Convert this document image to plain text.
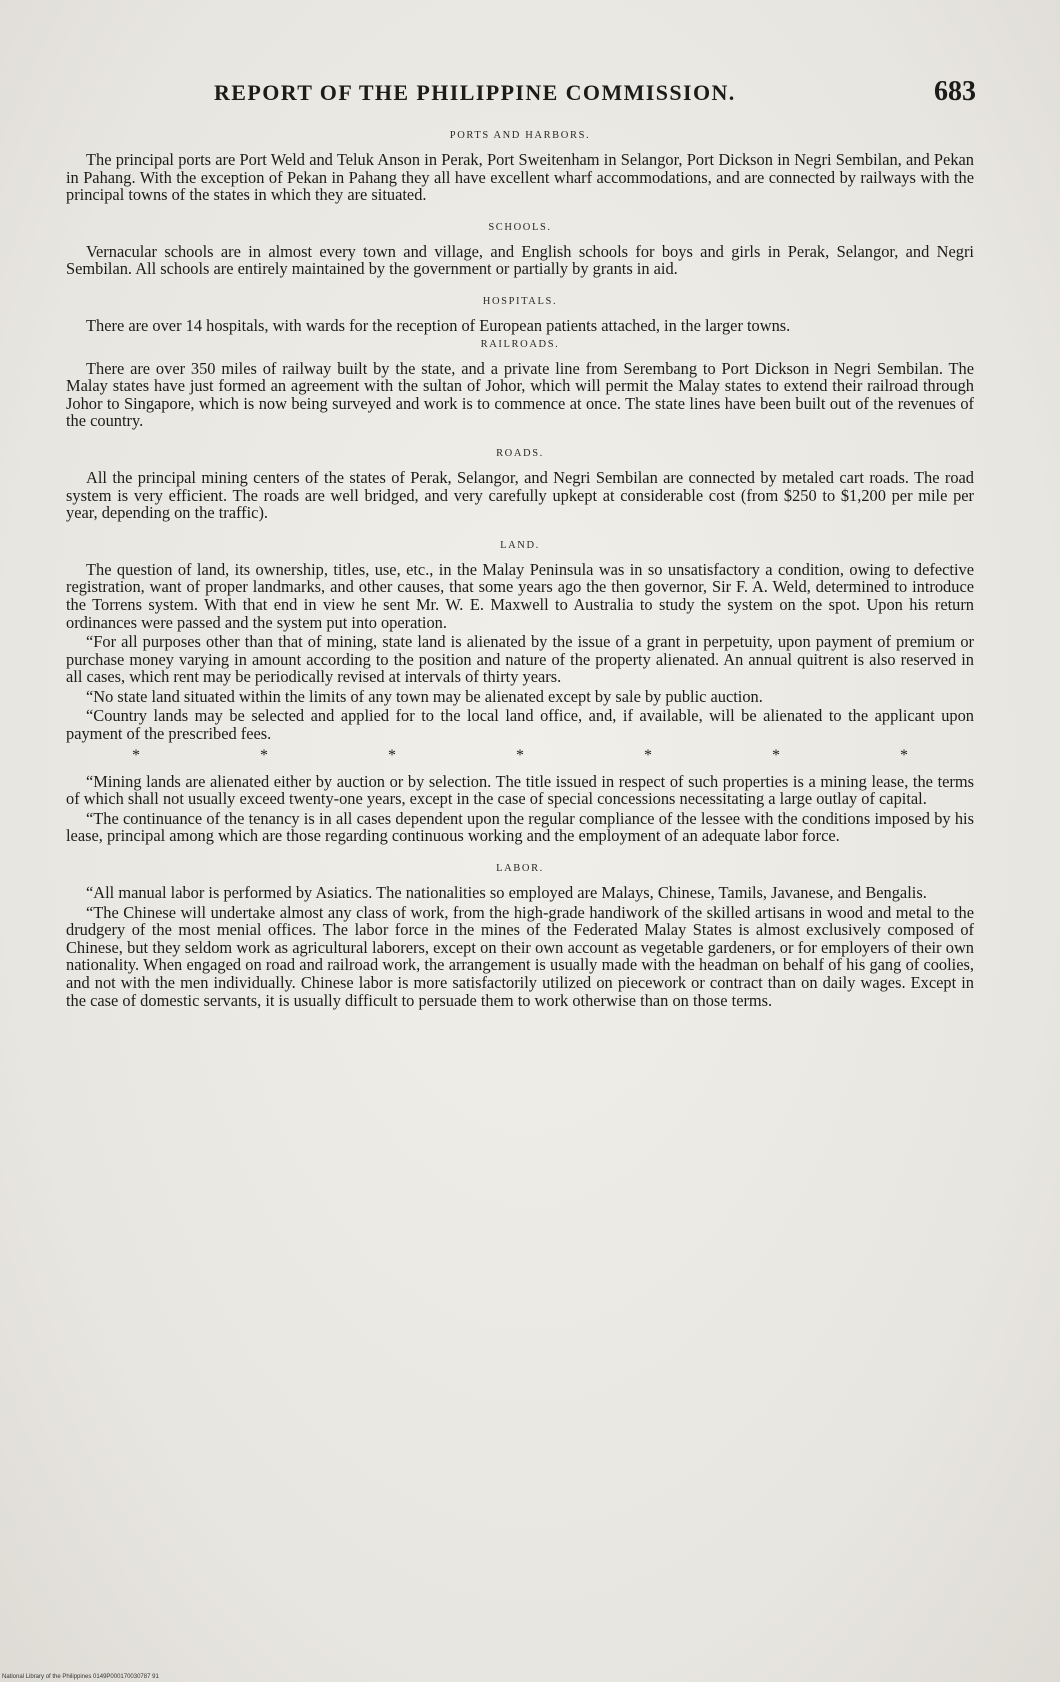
REPORT OF THE PHILIPPINE COMMISSION.	683
PORTS AND HARBORS.

The principal ports are Port Weld and Teluk Anson in Perak, Port Sweitenham in Selangor, Port Dickson in Negri Sembilan, and Pekan in Pahang. With the exception of Pekan in Pahang they all have excellent wharf accommodations, and are connected by railways with the principal towns of the states in which they are situated.

SCHOOLS.

Vernacular schools are in almost every town and village, and English schools for boys and girls in Perak, Selangor, and Negri Sembilan. All schools are entirely maintained by the government or partially by grants in aid.

HOSPITALS.

There are over 14 hospitals, with wards for the reception of European patients attached, in the larger towns.

RAILROADS.

There are over 350 miles of railway built by the state, and a private line from Serembang to Port Dickson in Negri Sembilan. The Malay states have just formed an agreement with the sultan of Johor, which will permit the Malay states to extend their railroad through Johor to Singapore, which is now being surveyed and work is to commence at once. The state lines have been built out of the revenues of the country.

ROADS.

All the principal mining centers of the states of Perak, Selangor, and Negri Sembilan are connected by metaled cart roads. The road system is very efficient. The roads are well bridged, and very carefully upkept at considerable cost (from $250 to $1,200 per mile per year, depending on the traffic).

LAND.

The question of land, its ownership, titles, use, etc., in the Malay Peninsula was in so unsatisfactory a condition, owing to defective registration, want of proper landmarks, and other causes, that some years ago the then governor, Sir F. A. Weld, determined to introduce the Torrens system. With that end in view he sent Mr. W. E. Maxwell to Australia to study the system on the spot. Upon his return ordinances were passed and the system put into operation.

“For all purposes other than that of mining, state land is alienated by the issue of a grant in perpetuity, upon payment of premium or purchase money varying in amount according to the position and nature of the property alienated. An annual quitrent is also reserved in all cases, which rent may be periodically revised at intervals of thirty years.

“No state land situated within the limits of any town may be alienated except by sale by public auction.

“Country lands may be selected and applied for to the local land office, and, if available, will be alienated to the applicant upon payment of the prescribed fees.

*	*	*	*	*	*	*

“Mining lands are alienated either by auction or by selection. The title issued in respect of such properties is a mining lease, the terms of which shall not usually exceed twenty-one years, except in the case of special concessions necessitating a large outlay of capital.

“The continuance of the tenancy is in all cases dependent upon the regular compliance of the lessee with the conditions imposed by his lease, principal among which are those regarding continuous working and the employment of an adequate labor force.

LABOR.

“All manual labor is performed by Asiatics. The nationalities so employed are Malays, Chinese, Tamils, Javanese, and Bengalis.

“The Chinese will undertake almost any class of work, from the high-grade handiwork of the skilled artisans in wood and metal to the drudgery of the most menial offices. The labor force in the mines of the Federated Malay States is almost exclusively composed of Chinese, but they seldom work as agricultural laborers, except on their own account as vegetable gardeners, or for employers of their own nationality. When engaged on road and railroad work, the arrangement is usually made with the headman on behalf of his gang of coolies, and not with the men individually. Chinese labor is more satisfactorily utilized on piecework or contract than on daily wages. Except in the case of domestic servants, it is usually difficult to persuade them to work otherwise than on those terms.

National Library of the Philippines 0149P000170030787 91
